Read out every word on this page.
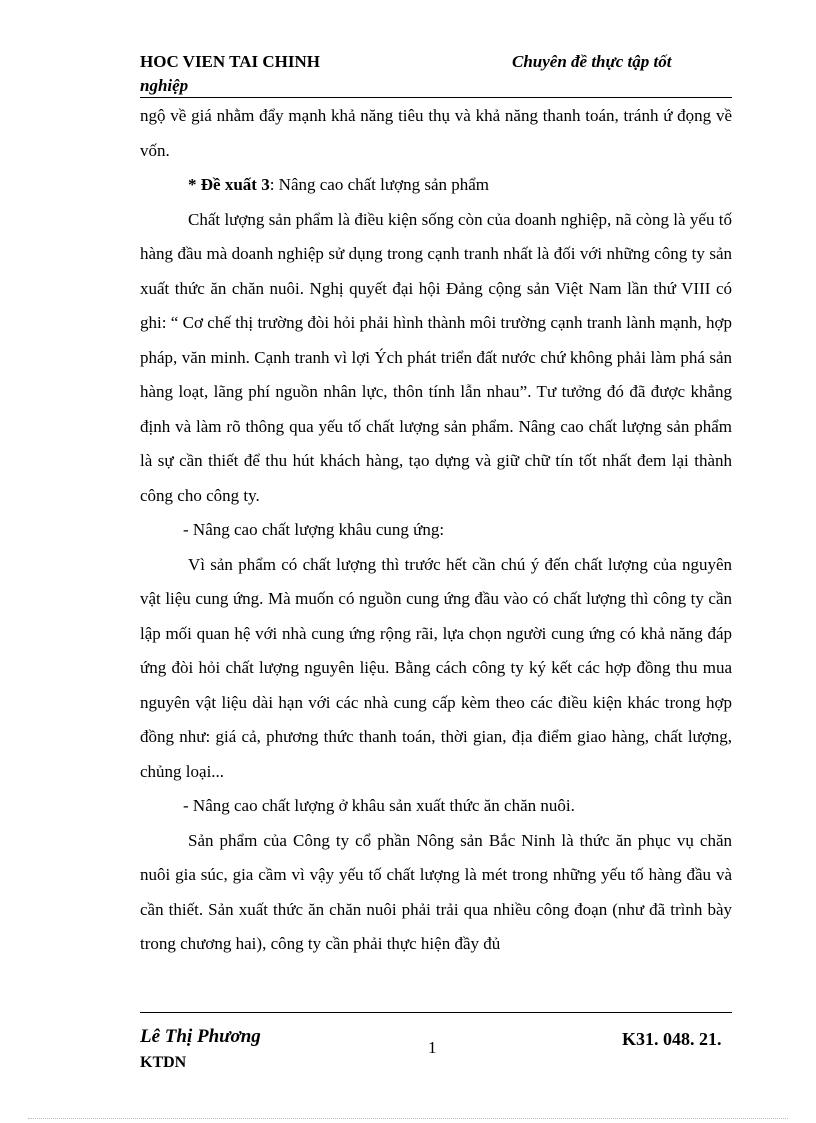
HOC VIEN TAI CHINH
nghiệp
Chuyên đề thực tập tốt

ngộ về giá nhằm đẩy mạnh khả năng tiêu thụ và khả năng thanh toán, tránh ứ đọng về vốn.

* Đề xuất 3: Nâng cao chất lượng sản phẩm

Chất lượng sản phẩm là điều kiện sống còn của doanh nghiệp, nã còng là yếu tố hàng đầu mà doanh nghiệp sử dụng trong cạnh tranh nhất là đối với những công ty sản xuất thức ăn chăn nuôi. Nghị quyết đại hội Đảng cộng sản Việt Nam lần thứ VIII có ghi: “ Cơ chế thị trường đòi hỏi phải hình thành môi trường cạnh tranh lành mạnh, hợp pháp, văn minh. Cạnh tranh vì lợi Ých phát triển đất nước chứ không phải làm phá sản hàng loạt, lãng phí nguồn nhân lực, thôn tính lẫn nhau”. Tư tưởng đó đã được khẳng định và làm rõ thông qua yếu tố chất lượng sản phẩm. Nâng cao chất lượng sản phẩm là sự cần thiết để thu hút khách hàng, tạo dựng và giữ chữ tín tốt nhất đem lại thành công cho công ty.

- Nâng cao chất lượng khâu cung ứng:

Vì sản phẩm có chất lượng thì trước hết cần chú ý đến chất lượng của nguyên vật liệu cung ứng. Mà muốn có nguồn cung ứng đầu vào có chất lượng thì công ty cần lập mối quan hệ với nhà cung ứng rộng rãi, lựa chọn người cung ứng có khả năng đáp ứng đòi hỏi chất lượng nguyên liệu. Bằng cách công ty ký kết các hợp đồng thu mua nguyên vật liệu dài hạn với các nhà cung cấp kèm theo các điều kiện khác trong hợp đồng như: giá cả, phương thức thanh toán, thời gian, địa điểm giao hàng, chất lượng, chủng loại...

- Nâng cao chất lượng ở khâu sản xuất thức ăn chăn nuôi.

Sản phẩm của Công ty cổ phần Nông sản Bắc Ninh là thức ăn phục vụ chăn nuôi gia súc, gia cầm vì vậy yếu tố chất lượng là mét trong những yếu tố hàng đầu và cần thiết. Sản xuất thức ăn chăn nuôi phải trải qua nhiều công đoạn (như đã trình bày trong chương hai), công ty cần phải thực hiện đầy đủ

Lê Thị Phương
KTDN
1	K31. 048. 21.
